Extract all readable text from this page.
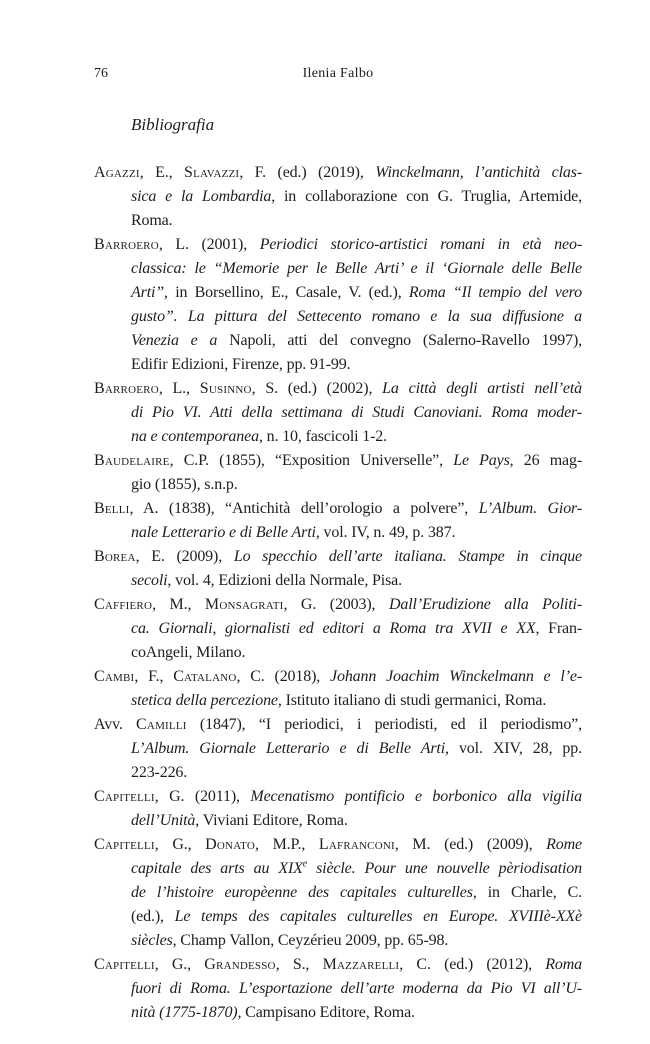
76	Ilenia Falbo
Bibliografia
Agazzi, E., Slavazzi, F. (ed.) (2019), Winckelmann, l’antichità clas-
sica e la Lombardia, in collaborazione con G. Truglia, Artemide,
Roma.
Barroero, L. (2001), Periodici storico-artistici romani in età neo-
classica: le “Memorie per le Belle Arti’ e il ‘Giornale delle Belle
Arti”, in Borsellino, E., Casale, V. (ed.), Roma “Il tempio del vero
gusto”. La pittura del Settecento romano e la sua diffusione a
Venezia e a Napoli, atti del convegno (Salerno-Ravello 1997),
Edifir Edizioni, Firenze, pp. 91-99.
Barroero, L., Susinno, S. (ed.) (2002), La città degli artisti nell’età
di Pio VI. Atti della settimana di Studi Canoviani. Roma moder-
na e contemporanea, n. 10, fascicoli 1-2.
Baudelaire, C.P. (1855), “Exposition Universelle”, Le Pays, 26 mag-
gio (1855), s.n.p.
Belli, A. (1838), “Antichità dell’orologio a polvere”, L’Album. Gior-
nale Letterario e di Belle Arti, vol. IV, n. 49, p. 387.
Borea, E. (2009), Lo specchio dell’arte italiana. Stampe in cinque
secoli, vol. 4, Edizioni della Normale, Pisa.
Caffiero, M., Monsagrati, G. (2003), Dall’Erudizione alla Politi-
ca. Giornali, giornalisti ed editori a Roma tra XVII e XX, Fran-
coAngeli, Milano.
Cambi, F., Catalano, C. (2018), Johann Joachim Winckelmann e l’e-
stetica della percezione, Istituto italiano di studi germanici, Roma.
Avv. Camilli (1847), “I periodici, i periodisti, ed il periodismo”,
L’Album. Giornale Letterario e di Belle Arti, vol. XIV, 28, pp.
223-226.
Capitelli, G. (2011), Mecenatismo pontificio e borbonico alla vigilia
dell’Unità, Viviani Editore, Roma.
Capitelli, G., Donato, M.P., Lafranconi, M. (ed.) (2009), Rome
capitale des arts au XIXe siècle. Pour une nouvelle pèriodisation
de l’histoire europèenne des capitales culturelles, in Charle, C.
(ed.), Le temps des capitales culturelles en Europe. XVIIIè-XXè
siècles, Champ Vallon, Ceyzérieu 2009, pp. 65-98.
Capitelli, G., Grandesso, S., Mazzarelli, C. (ed.) (2012), Roma
fuori di Roma. L’esportazione dell’arte moderna da Pio VI all’U-
nità (1775-1870), Campisano Editore, Roma.
